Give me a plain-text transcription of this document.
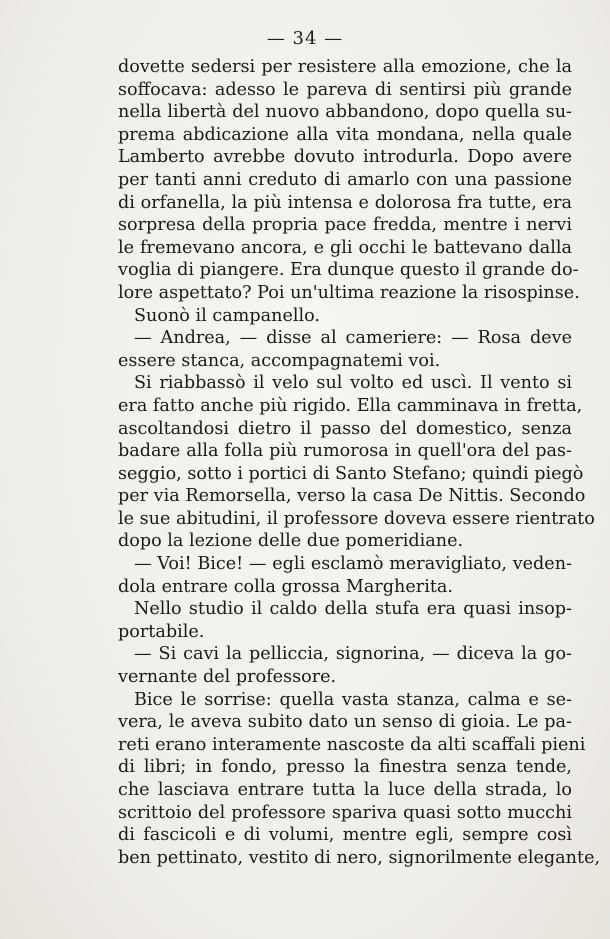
— 34 —
dovette sedersi per resistere alla emozione, che la
soffocava: adesso le pareva di sentirsi più grande
nella libertà del nuovo abbandono, dopo quella su-
prema abdicazione alla vita mondana, nella quale
Lamberto avrebbe dovuto introdurla. Dopo avere
per tanti anni creduto di amarlo con una passione
di orfanella, la più intensa e dolorosa fra tutte, era
sorpresa della propria pace fredda, mentre i nervi
le fremevano ancora, e gli occhi le battevano dalla
voglia di piangere. Era dunque questo il grande do-
lore aspettato? Poi un'ultima reazione la risospinse.
Suonò il campanello.
— Andrea, — disse al cameriere: — Rosa deve
essere stanca, accompagnatemi voi.
Si riabbassò il velo sul volto ed uscì. Il vento si
era fatto anche più rigido. Ella camminava in fretta,
ascoltandosi dietro il passo del domestico, senza
badare alla folla più rumorosa in quell'ora del pas-
seggio, sotto i portici di Santo Stefano; quindi piegò
per via Remorsella, verso la casa De Nittis. Secondo
le sue abitudini, il professore doveva essere rientrato
dopo la lezione delle due pomeridiane.
— Voi! Bice! — egli esclamò meravigliato, veden-
dola entrare colla grossa Margherita.
Nello studio il caldo della stufa era quasi insop-
portabile.
— Si cavi la pelliccia, signorina, — diceva la go-
vernante del professore.
Bice le sorrise: quella vasta stanza, calma e se-
vera, le aveva subito dato un senso di gioia. Le pa-
reti erano interamente nascoste da alti scaffali pieni
di libri; in fondo, presso la finestra senza tende,
che lasciava entrare tutta la luce della strada, lo
scrittoio del professore spariva quasi sotto mucchi
di fascicoli e di volumi, mentre egli, sempre così
ben pettinato, vestito di nero, signorilmente elegante,
